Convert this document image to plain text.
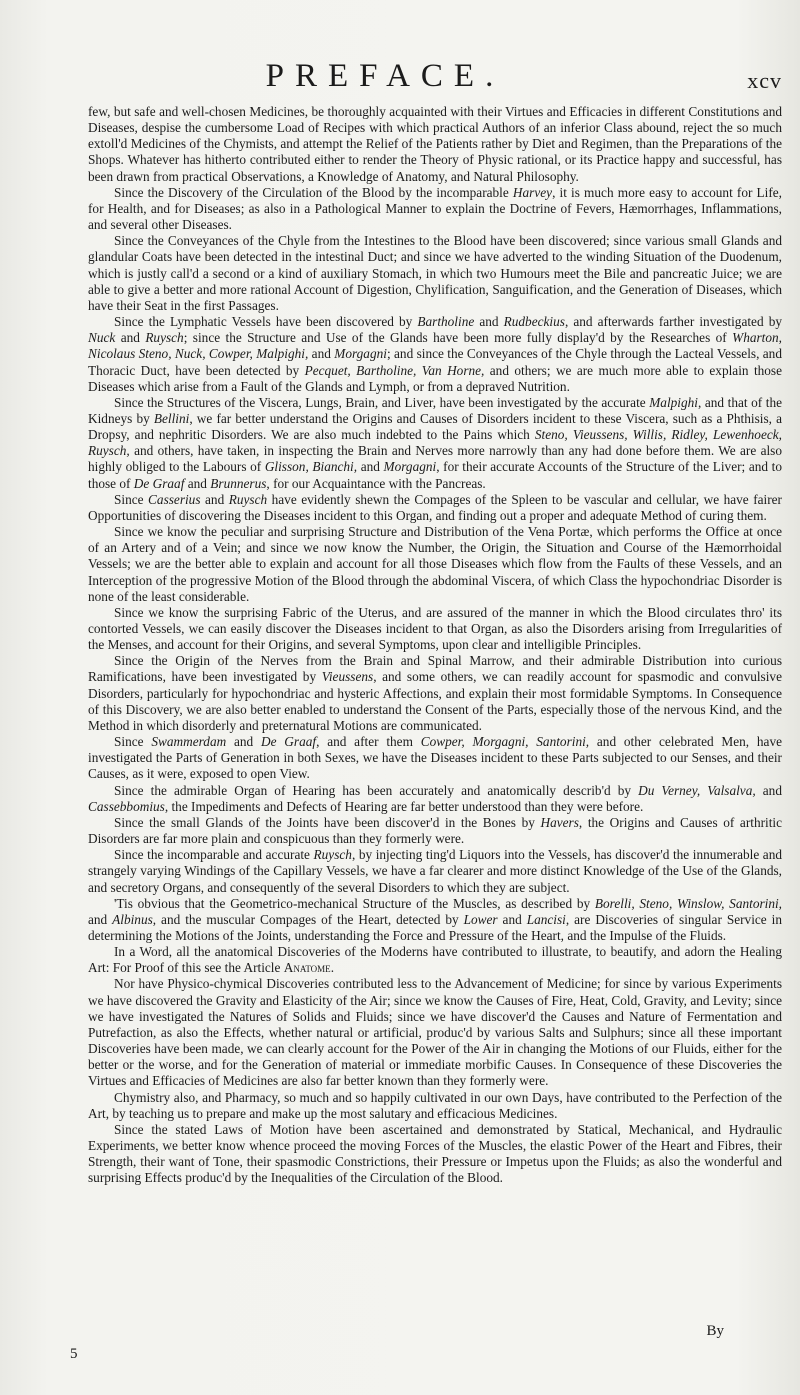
PREFACE.	xcv

few, but safe and well-chosen Medicines, be thoroughly acquainted with their Virtues and Efficacies in different Constitutions and Diseases, despise the cumbersome Load of Recipes with which practical Authors of an inferior Class abound, reject the so much extoll'd Medicines of the Chymists, and attempt the Relief of the Patients rather by Diet and Regimen, than the Preparations of the Shops. Whatever has hitherto contributed either to render the Theory of Physic rational, or its Practice happy and successful, has been drawn from practical Observations, a Knowledge of Anatomy, and Natural Philosophy.

Since the Discovery of the Circulation of the Blood by the incomparable Harvey, it is much more easy to account for Life, for Health, and for Diseases; as also in a Pathological Manner to explain the Doctrine of Fevers, Hæmorrhages, Inflammations, and several other Diseases.

Since the Conveyances of the Chyle from the Intestines to the Blood have been discovered; since various small Glands and glandular Coats have been detected in the intestinal Duct; and since we have adverted to the winding Situation of the Duodenum, which is justly call'd a second or a kind of auxiliary Stomach, in which two Humours meet the Bile and pancreatic Juice; we are able to give a better and more rational Account of Digestion, Chylification, Sanguification, and the Generation of Diseases, which have their Seat in the first Passages.

Since the Lymphatic Vessels have been discovered by Bartholine and Rudbeckius, and afterwards farther investigated by Nuck and Ruysch; since the Structure and Use of the Glands have been more fully display'd by the Researches of Wharton, Nicolaus Steno, Nuck, Cowper, Malpighi, and Morgagni; and since the Conveyances of the Chyle through the Lacteal Vessels, and Thoracic Duct, have been detected by Pecquet, Bartholine, Van Horne, and others; we are much more able to explain those Diseases which arise from a Fault of the Glands and Lymph, or from a depraved Nutrition.

Since the Structures of the Viscera, Lungs, Brain, and Liver, have been investigated by the accurate Malpighi, and that of the Kidneys by Bellini, we far better understand the Origins and Causes of Disorders incident to these Viscera, such as a Phthisis, a Dropsy, and nephritic Disorders. We are also much indebted to the Pains which Steno, Vieussens, Willis, Ridley, Lewenhoeck, Ruysch, and others, have taken, in inspecting the Brain and Nerves more narrowly than any had done before them. We are also highly obliged to the Labours of Glisson, Bianchi, and Morgagni, for their accurate Accounts of the Structure of the Liver; and to those of De Graaf and Brunnerus, for our Acquaintance with the Pancreas.

Since Casserius and Ruysch have evidently shewn the Compages of the Spleen to be vascular and cellular, we have fairer Opportunities of discovering the Diseases incident to this Organ, and finding out a proper and adequate Method of curing them.

Since we know the peculiar and surprising Structure and Distribution of the Vena Portæ, which performs the Office at once of an Artery and of a Vein; and since we now know the Number, the Origin, the Situation and Course of the Hæmorrhoidal Vessels; we are the better able to explain and account for all those Diseases which flow from the Faults of these Vessels, and an Interception of the progressive Motion of the Blood through the abdominal Viscera, of which Class the hypochondriac Disorder is none of the least considerable.

Since we know the surprising Fabric of the Uterus, and are assured of the manner in which the Blood circulates thro' its contorted Vessels, we can easily discover the Diseases incident to that Organ, as also the Disorders arising from Irregularities of the Menses, and account for their Origins, and several Symptoms, upon clear and intelligible Principles.

Since the Origin of the Nerves from the Brain and Spinal Marrow, and their admirable Distribution into curious Ramifications, have been investigated by Vieussens, and some others, we can readily account for spasmodic and convulsive Disorders, particularly for hypochondriac and hysteric Affections, and explain their most formidable Symptoms. In Consequence of this Discovery, we are also better enabled to understand the Consent of the Parts, especially those of the nervous Kind, and the Method in which disorderly and preternatural Motions are communicated.

Since Swammerdam and De Graaf, and after them Cowper, Morgagni, Santorini, and other celebrated Men, have investigated the Parts of Generation in both Sexes, we have the Diseases incident to these Parts subjected to our Senses, and their Causes, as it were, exposed to open View.

Since the admirable Organ of Hearing has been accurately and anatomically describ'd by Du Verney, Valsalva, and Cassebbomius, the Impediments and Defects of Hearing are far better understood than they were before.

Since the small Glands of the Joints have been discover'd in the Bones by Havers, the Origins and Causes of arthritic Disorders are far more plain and conspicuous than they formerly were.

Since the incomparable and accurate Ruysch, by injecting ting'd Liquors into the Vessels, has discover'd the innumerable and strangely varying Windings of the Capillary Vessels, we have a far clearer and more distinct Knowledge of the Use of the Glands, and secretory Organs, and consequently of the several Disorders to which they are subject.

'Tis obvious that the Geometrico-mechanical Structure of the Muscles, as described by Borelli, Steno, Winslow, Santorini, and Albinus, and the muscular Compages of the Heart, detected by Lower and Lancisi, are Discoveries of singular Service in determining the Motions of the Joints, understanding the Force and Pressure of the Heart, and the Impulse of the Fluids.

In a Word, all the anatomical Discoveries of the Moderns have contributed to illustrate, to beautify, and adorn the Healing Art: For Proof of this see the Article Anatome.

Nor have Physico-chymical Discoveries contributed less to the Advancement of Medicine; for since by various Experiments we have discovered the Gravity and Elasticity of the Air; since we know the Causes of Fire, Heat, Cold, Gravity, and Levity; since we have investigated the Natures of Solids and Fluids; since we have discover'd the Causes and Nature of Fermentation and Putrefaction, as also the Effects, whether natural or artificial, produc'd by various Salts and Sulphurs; since all these important Discoveries have been made, we can clearly account for the Power of the Air in changing the Motions of our Fluids, either for the better or the worse, and for the Generation of material or immediate morbific Causes. In Consequence of these Discoveries the Virtues and Efficacies of Medicines are also far better known than they formerly were.

Chymistry also, and Pharmacy, so much and so happily cultivated in our own Days, have contributed to the Perfection of the Art, by teaching us to prepare and make up the most salutary and efficacious Medicines.

Since the stated Laws of Motion have been ascertained and demonstrated by Statical, Mechanical, and Hydraulic Experiments, we better know whence proceed the moving Forces of the Muscles, the elastic Power of the Heart and Fibres, their Strength, their want of Tone, their spasmodic Constrictions, their Pressure or Impetus upon the Fluids; as also the wonderful and surprising Effects produc'd by the Inequalities of the Circulation of the Blood.

By
5
